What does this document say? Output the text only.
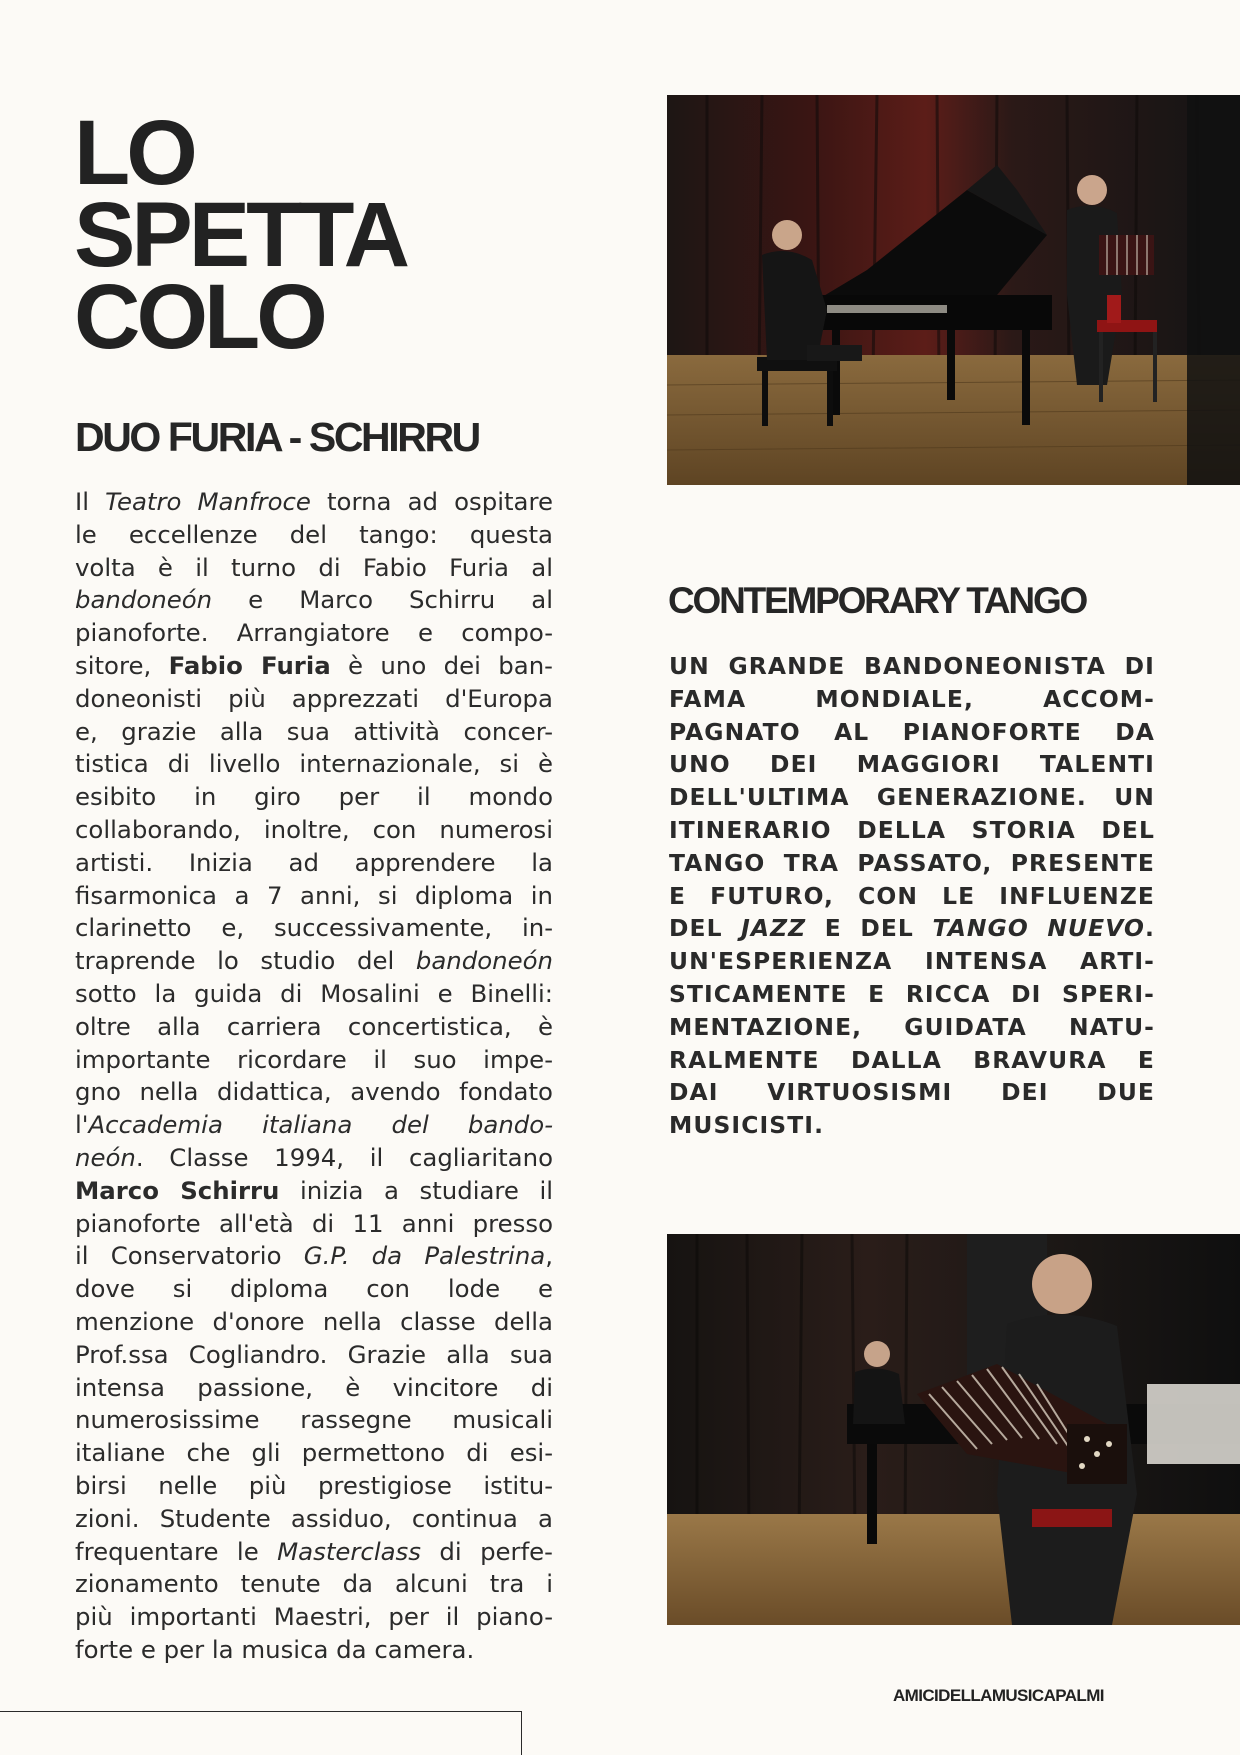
LO
SPETTA
COLO
DUO FURIA - SCHIRRU
Il Teatro Manfroce torna ad ospitare
le eccellenze del tango: questa
volta è il turno di Fabio Furia al
bandoneón e Marco Schirru al
pianoforte. Arrangiatore e compo-
sitore, Fabio Furia è uno dei ban-
doneonisti più apprezzati d'Europa
e, grazie alla sua attività concer-
tistica di livello internazionale, si è
esibito in giro per il mondo
collaborando, inoltre, con numerosi
artisti. Inizia ad apprendere la
fisarmonica a 7 anni, si diploma in
clarinetto e, successivamente, in-
traprende lo studio del bandoneón
sotto la guida di Mosalini e Binelli:
oltre alla carriera concertistica, è
importante ricordare il suo impe-
gno nella didattica, avendo fondato
l'Accademia italiana del bando-
neón. Classe 1994, il cagliaritano
Marco Schirru inizia a studiare il
pianoforte all'età di 11 anni presso
il Conservatorio G.P. da Palestrina,
dove si diploma con lode e
menzione d'onore nella classe della
Prof.ssa Cogliandro. Grazie alla sua
intensa passione, è vincitore di
numerosissime rassegne musicali
italiane che gli permettono di esi-
birsi nelle più prestigiose istitu-
zioni. Studente assiduo, continua a
frequentare le Masterclass di perfe-
zionamento tenute da alcuni tra i
più importanti Maestri, per il piano-
forte e per la musica da camera.
CONTEMPORARY TANGO
UN GRANDE BANDONEONISTA DI
FAMA MONDIALE, ACCOM-
PAGNATO AL PIANOFORTE DA
UNO DEI MAGGIORI TALENTI
DELL'ULTIMA GENERAZIONE. UN
ITINERARIO DELLA STORIA DEL
TANGO TRA PASSATO, PRESENTE
E FUTURO, CON LE INFLUENZE
DEL JAZZ E DEL TANGO NUEVO.
UN'ESPERIENZA INTENSA ARTI-
STICAMENTE E RICCA DI SPERI-
MENTAZIONE, GUIDATA NATU-
RALMENTE DALLA BRAVURA E
DAI VIRTUOSISMI DEI DUE
MUSICISTI.
AMICIDELLAMUSICAPALMI
